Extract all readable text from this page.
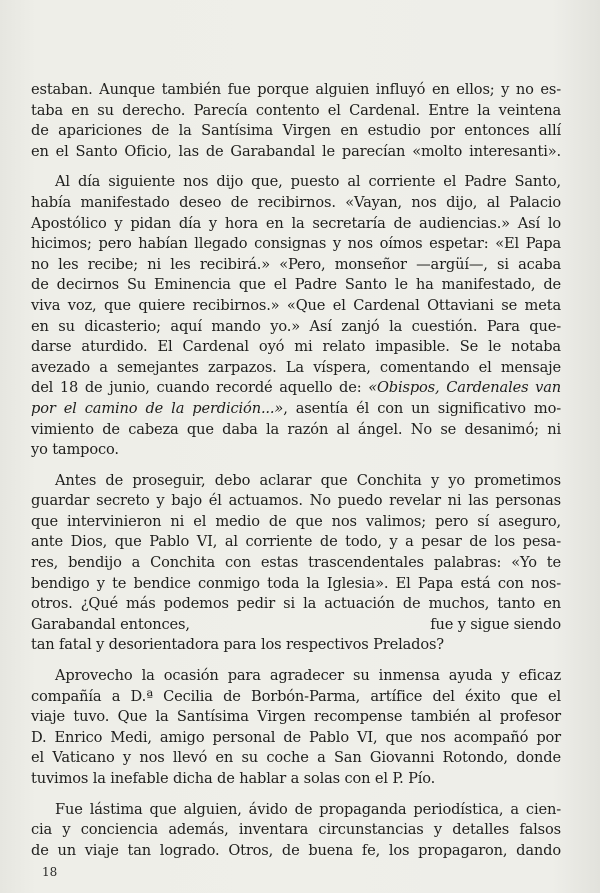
estaban. Aunque también fue porque alguien influyó en ellos; y no es-
taba en su derecho. Parecía contento el Cardenal. Entre la veintena
de apariciones de la Santísima Virgen en estudio por entonces allí
en el Santo Oficio, las de Garabandal le parecían «molto interesanti».
Al día siguiente nos dijo que, puesto al corriente el Padre Santo,
había manifestado deseo de recibirnos. «Vayan, nos dijo, al Palacio
Apostólico y pidan día y hora en la secretaría de audiencias.» Así lo
hicimos; pero habían llegado consignas y nos oímos espetar: «El Papa
no les recibe; ni les recibirá.» «Pero, monseñor —argüí—, si acaba
de decirnos Su Eminencia que el Padre Santo le ha manifestado, de
viva voz, que quiere recibirnos.» «Que el Cardenal Ottaviani se meta
en su dicasterio; aquí mando yo.» Así zanjó la cuestión. Para que-
darse aturdido. El Cardenal oyó mi relato impasible. Se le notaba
avezado a semejantes zarpazos. La víspera, comentando el mensaje
del 18 de junio, cuando recordé aquello de: «Obispos, Cardenales van
por el camino de la perdición...», asentía él con un significativo mo-
vimiento de cabeza que daba la razón al ángel. No se desanimó; ni
yo tampoco.
Antes de proseguir, debo aclarar que Conchita y yo prometimos
guardar secreto y bajo él actuamos. No puedo revelar ni las personas
que intervinieron ni el medio de que nos valimos; pero sí aseguro,
ante Dios, que Pablo VI, al corriente de todo, y a pesar de los pesa-
res, bendijo a Conchita con estas trascendentales palabras: «Yo te
bendigo y te bendice conmigo toda la Iglesia». El Papa está con nos-
otros. ¿Qué más podemos pedir si la actuación de muchos, tanto en
Garabandal entonces,	fue y sigue siendo
tan fatal y desorientadora para los respectivos Prelados?
Aprovecho la ocasión para agradecer su inmensa ayuda y eficaz
compañía a D.ª Cecilia de Borbón-Parma, artífice del éxito que el
viaje tuvo. Que la Santísima Virgen recompense también al profesor
D. Enrico Medi, amigo personal de Pablo VI, que nos acompañó por
el Vaticano y nos llevó en su coche a San Giovanni Rotondo, donde
tuvimos la inefable dicha de hablar a solas con el P. Pío.
Fue lástima que alguien, ávido de propaganda periodística, a cien-
cia y conciencia además, inventara circunstancias y detalles falsos
de un viaje tan logrado. Otros, de buena fe, los propagaron, dando
18
